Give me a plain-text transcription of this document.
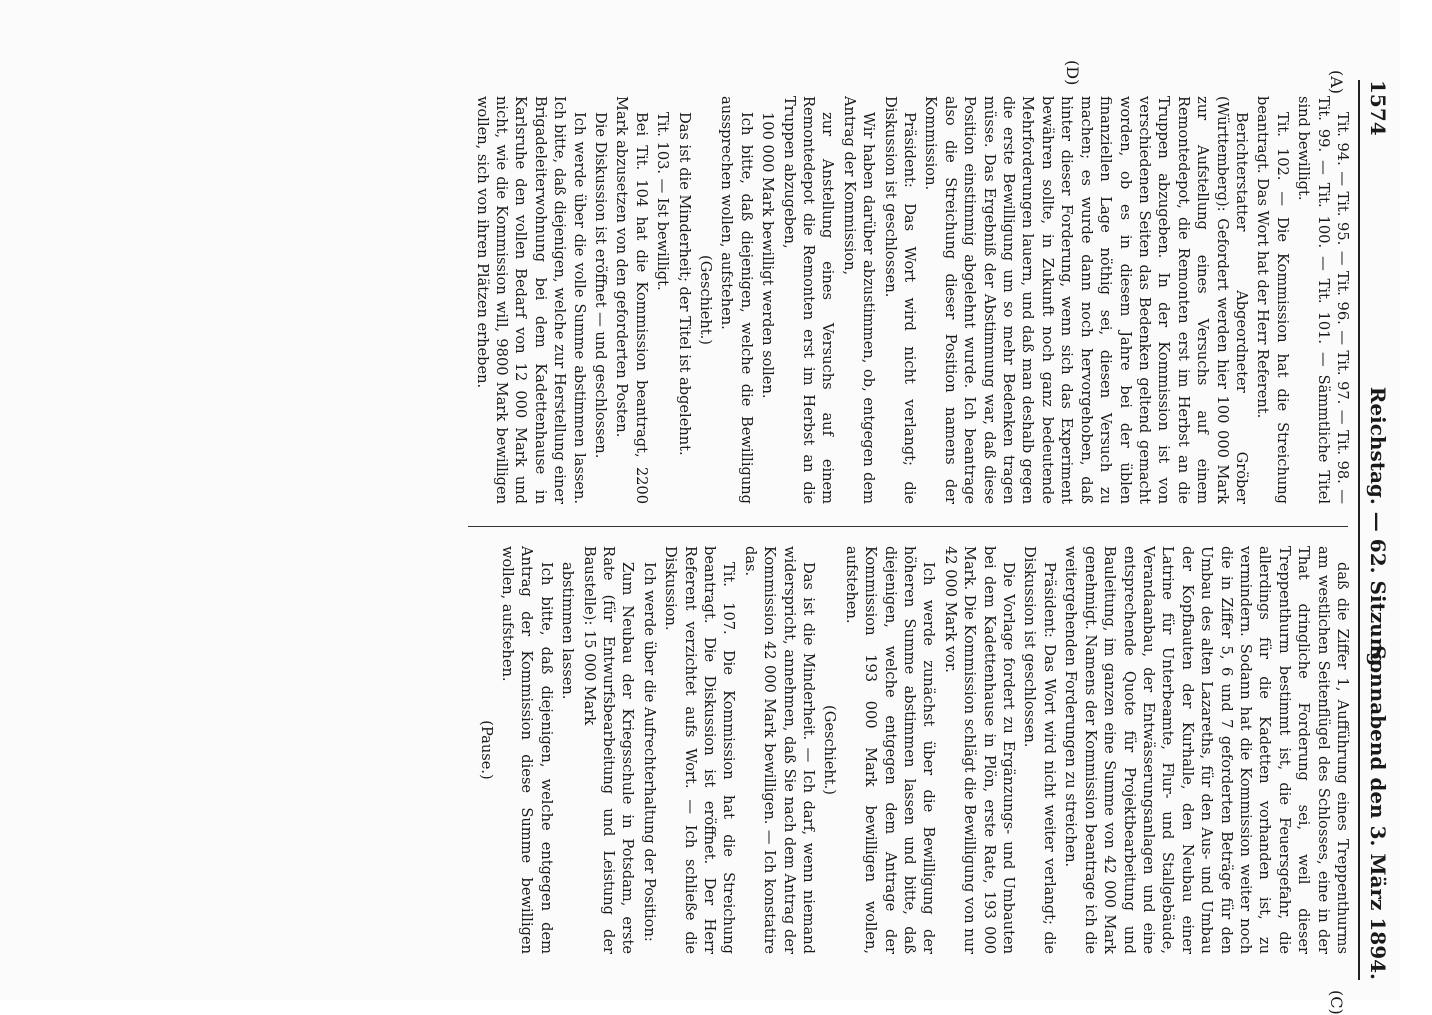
1574
Reichstag. — 62. Sitzung.
Sonnabend den 3. März 1894.
(A)
(D)
(C)

Tit. 94. — Tit. 95. — Tit. 96. — Tit. 97. — Tit. 98. — Tit. 99. — Tit. 100. — Tit. 101. — Sämmtliche Titel sind bewilligt.

Tit. 102. — Die Kommission hat die Streichung beantragt. Das Wort hat der Herr Referent.

Berichterstatter Abgeordneter Gröber (Württemberg): Gefordert werden hier 100 000 Mark zur Aufstellung eines Versuchs auf einem Remontedepot, die Remonten erst im Herbst an die Truppen abzugeben. In der Kommission ist von verschiedenen Seiten das Bedenken geltend gemacht worden, ob es in diesem Jahre bei der üblen finanziellen Lage nöthig sei, diesen Versuch zu machen; es wurde dann noch hervorgehoben, daß hinter dieser Forderung, wenn sich das Experiment bewähren sollte, in Zukunft noch ganz bedeutende Mehrforderungen lauern, und daß man deshalb gegen die erste Bewilligung um so mehr Bedenken tragen müsse. Das Ergebniß der Abstimmung war, daß diese Position einstimmig abgelehnt wurde. Ich beantrage also die Streichung dieser Position namens der Kommission.

Präsident: Das Wort wird nicht verlangt; die Diskussion ist geschlossen.

Wir haben darüber abzustimmen, ob, entgegen dem Antrag der Kommission,

zur Anstellung eines Versuchs auf einem Remontedepot die Remonten erst im Herbst an die Truppen abzugeben,

100 000 Mark bewilligt werden sollen.

Ich bitte, daß diejenigen, welche die Bewilligung aussprechen wollen, aufstehen.

(Geschieht.)

Das ist die Minderheit; der Titel ist abgelehnt.

Tit. 103. — Ist bewilligt.

Bei Tit. 104 hat die Kommission beantragt, 2200 Mark abzusetzen von den geforderten Posten.

Die Diskussion ist eröffnet — und geschlossen.

Ich werde über die volle Summe abstimmen lassen. Ich bitte, daß diejenigen, welche zur Herstellung einer Brigadeleiterwohnung bei dem Kadettenhause in Karlsruhe den vollen Bedarf von 12 000 Mark und nicht, wie die Kommission will, 9800 Mark bewilligen wollen, sich von ihren Plätzen erheben.

daß die Ziffer 1, Aufführung eines Treppenthurms am westlichen Seitenflügel des Schlosses, eine in der That dringliche Forderung sei, weil dieser Treppenthurm bestimmt ist, die Feuersgefahr, die allerdings für die Kadetten vorhanden ist, zu vermindern. Sodann hat die Kommission weiter noch die in Ziffer 5, 6 und 7 geforderten Beträge für den Umbau des alten Lazareths, für den Aus- und Umbau der Kopfbauten der Kurhalle, den Neubau einer Latrine für Unterbeamte, Flur- und Stallgebäude, Verandaanbau, der Entwässerungsanlagen und eine entsprechende Quote für Projektbearbeitung und Bauleitung, im ganzen eine Summe von 42 000 Mark genehmigt. Namens der Kommission beantrage ich die weitergehenden Forderungen zu streichen.

Präsident: Das Wort wird nicht weiter verlangt; die Diskussion ist geschlossen.

Die Vorlage fordert zu Ergänzungs- und Umbauten bei dem Kadettenhause in Plön, erste Rate, 193 000 Mark. Die Kommission schlägt die Bewilligung von nur 42 000 Mark vor.

Ich werde zunächst über die Bewilligung der höheren Summe abstimmen lassen und bitte, daß diejenigen, welche entgegen dem Antrage der Kommission 193 000 Mark bewilligen wollen, aufstehen.

(Geschieht.)

Das ist die Minderheit. — Ich darf, wenn niemand widerspricht, annehmen, daß Sie nach dem Antrag der Kommission 42 000 Mark bewilligen. — Ich konstatire das.

Tit. 107. Die Kommission hat die Streichung beantragt. Die Diskussion ist eröffnet. Der Herr Referent verzichtet aufs Wort. — Ich schließe die Diskussion.

Ich werde über die Aufrechterhaltung der Position:

Zum Neubau der Kriegsschule in Potsdam, erste Rate (für Entwurfsbearbeitung und Leistung der Baustelle): 15 000 Mark

abstimmen lassen.

Ich bitte, daß diejenigen, welche entgegen dem Antrag der Kommission diese Summe bewilligen wollen, aufstehen.

(Pause.)
